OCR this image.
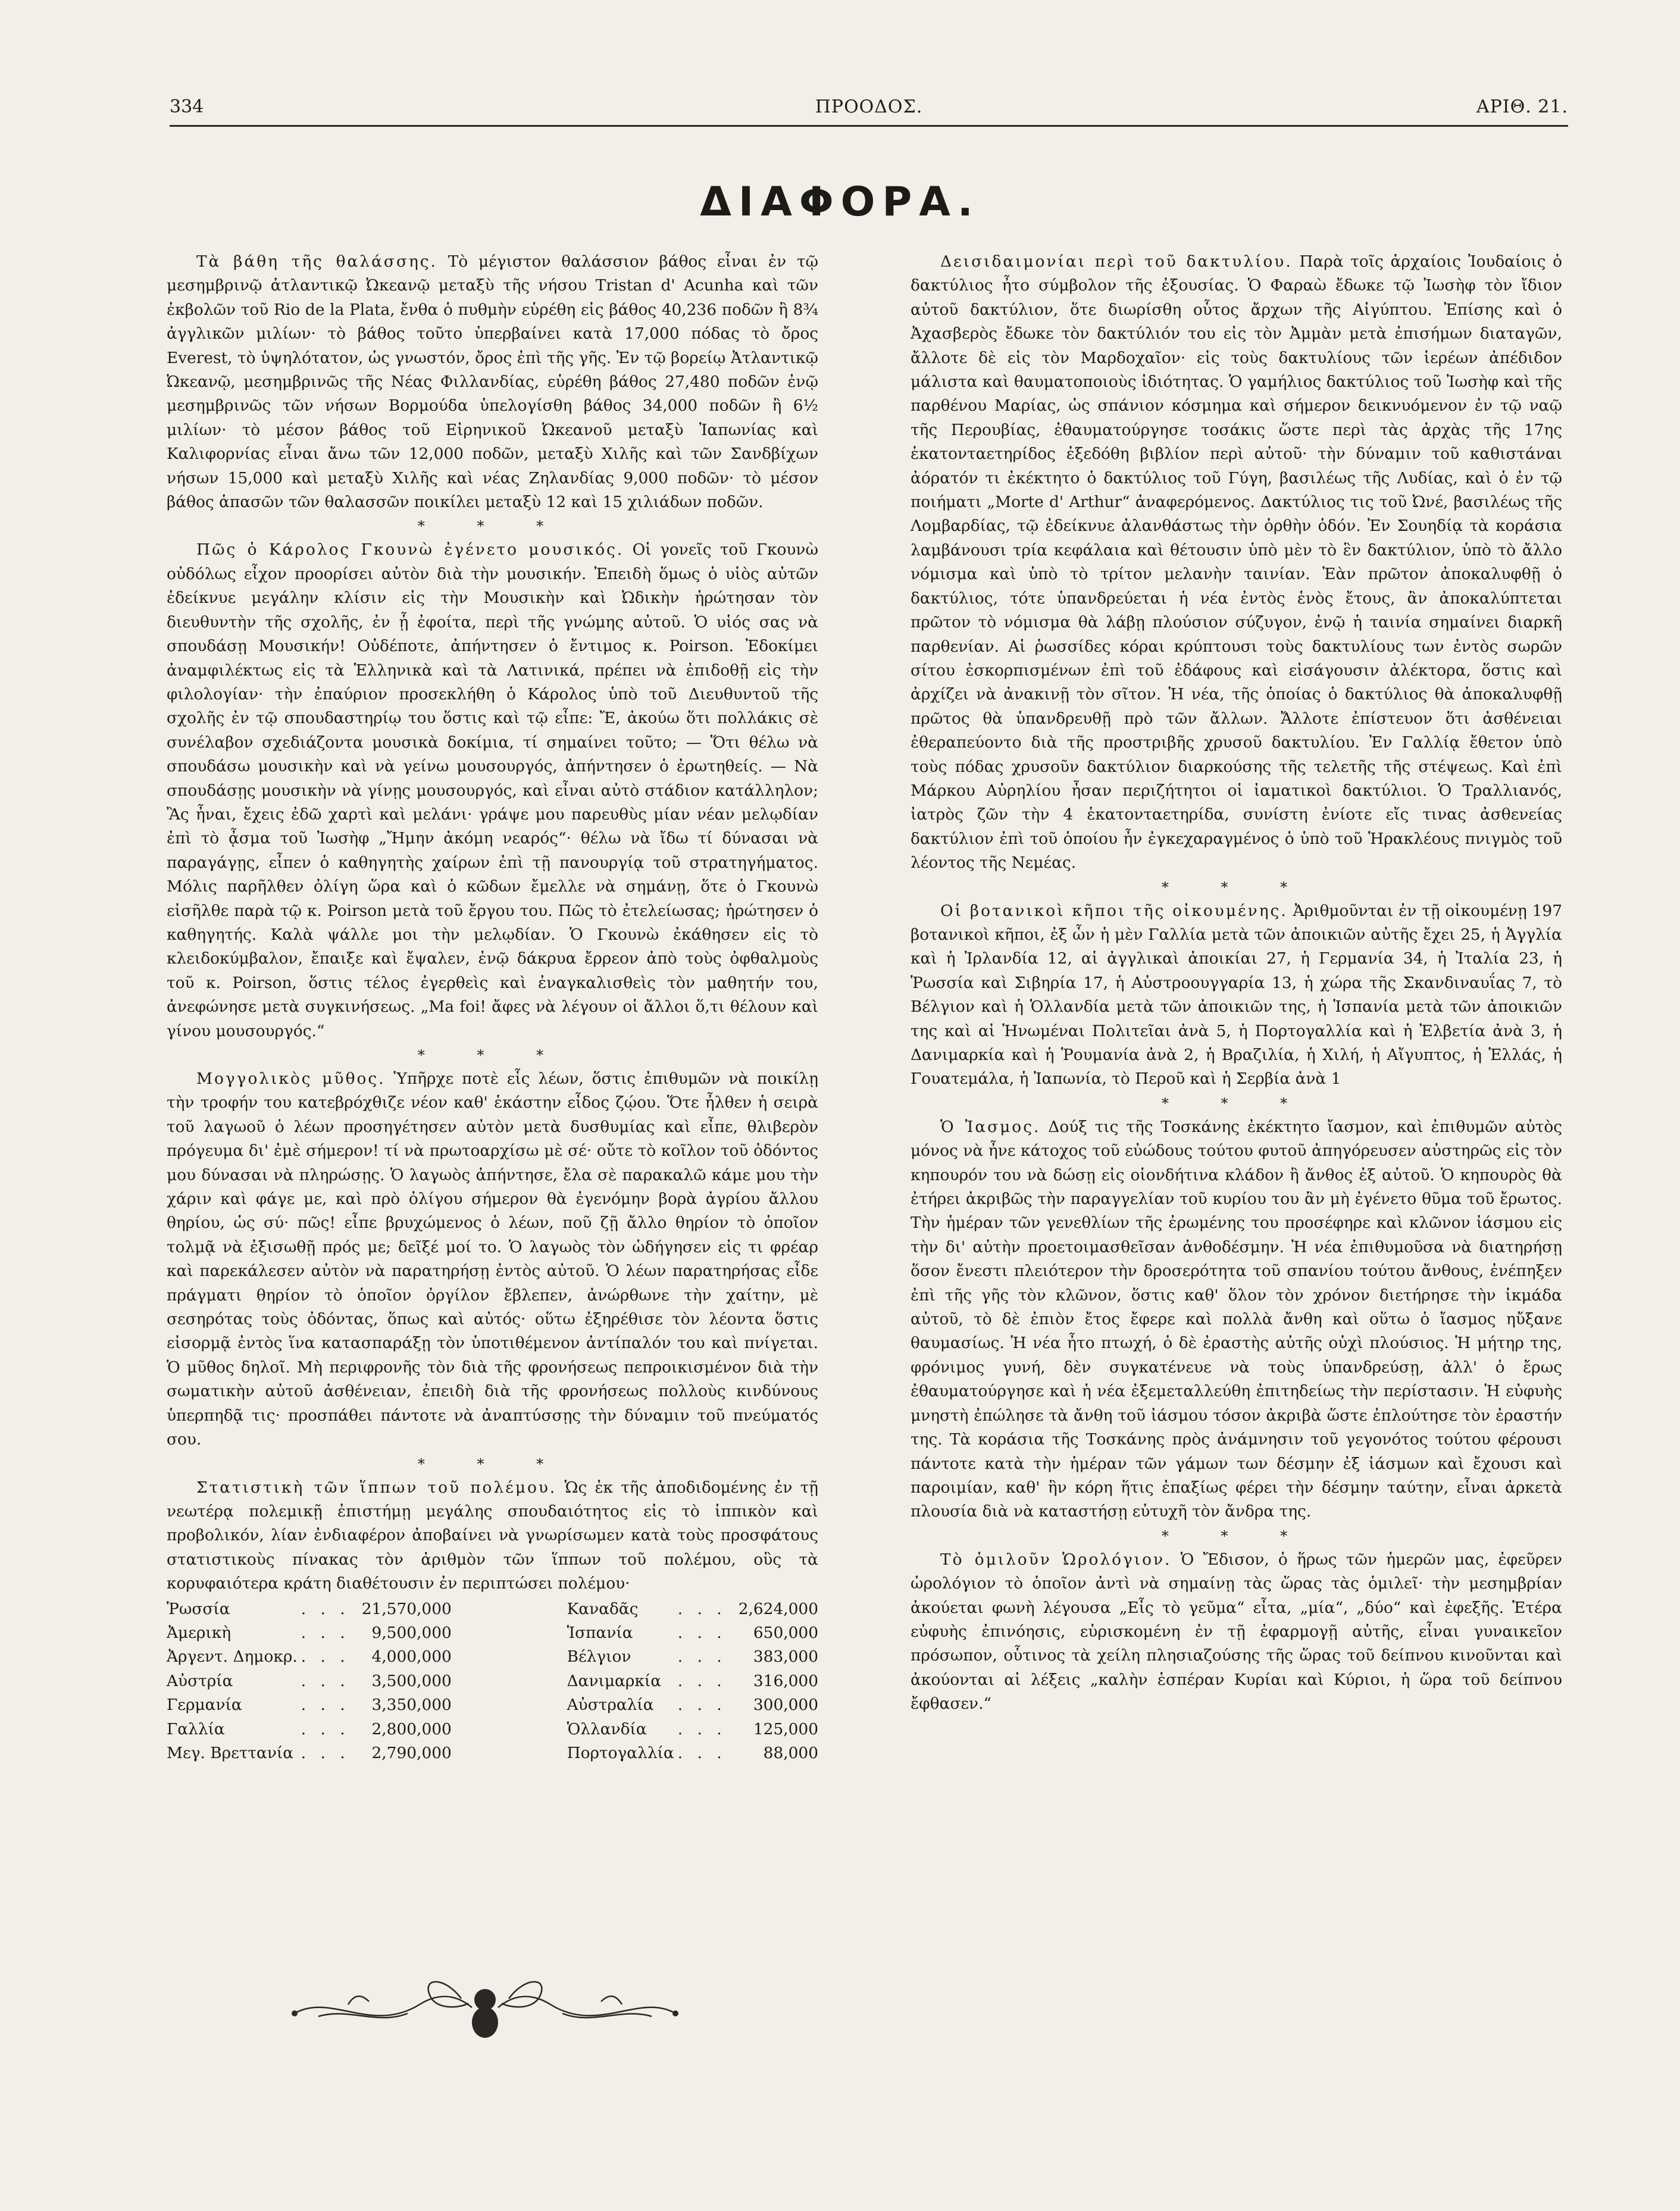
334	ΠΡΟΟΔΟΣ.	ΑΡΙΘ. 21.
ΔΙΑΦΟΡΑ.

Τὰ βάθη τῆς θαλάσσης. Τὸ μέγιστον θαλάσσιον βάθος εἶναι ἐν τῷ μεσημβρινῷ ἀτλαντικῷ Ὠκεανῷ μεταξὺ τῆς νήσου Tristan d' Acunha καὶ τῶν ἐκβολῶν τοῦ Rio de la Plata, ἔνθα ὁ πυθμὴν εὑρέθη εἰς βάθος 40,236 ποδῶν ἢ 8¾ ἀγγλικῶν μιλίων· τὸ βάθος τοῦτο ὑπερβαίνει κατὰ 17,000 πόδας τὸ ὄρος Everest, τὸ ὑψηλότατον, ὡς γνωστόν, ὄρος ἐπὶ τῆς γῆς. Ἐν τῷ βορείῳ Ἀτλαντικῷ Ὠκεανῷ, μεσημβρινῶς τῆς Νέας Φιλλανδίας, εὑρέθη βάθος 27,480 ποδῶν ἐνῷ μεσημβρινῶς τῶν νήσων Βορμούδα ὑπελογίσθη βάθος 34,000 ποδῶν ἢ 6½ μιλίων· τὸ μέσον βάθος τοῦ Εἰρηνικοῦ Ὠκεανοῦ μεταξὺ Ἰαπωνίας καὶ Καλιφορνίας εἶναι ἄνω τῶν 12,000 ποδῶν, μεταξὺ Χιλῆς καὶ τῶν Σανδβίχων νήσων 15,000 καὶ μεταξὺ Χιλῆς καὶ νέας Ζηλανδίας 9,000 ποδῶν· τὸ μέσον βάθος ἁπασῶν τῶν θαλασσῶν ποικίλει μεταξὺ 12 καὶ 15 χιλιάδων ποδῶν.

* * *

Πῶς ὁ Κάρολος Γκουνὼ ἐγένετο μουσικός. Οἱ γονεῖς τοῦ Γκουνὼ οὐδόλως εἶχον προορίσει αὐτὸν διὰ τὴν μουσικήν. Ἐπειδὴ ὅμως ὁ υἱὸς αὐτῶν ἐδείκνυε μεγάλην κλίσιν εἰς τὴν Μουσικὴν καὶ Ὠδικὴν ἠρώτησαν τὸν διευθυντὴν τῆς σχολῆς, ἐν ᾗ ἐφοίτα, περὶ τῆς γνώμης αὐτοῦ. Ὁ υἱός σας νὰ σπουδάσῃ Μουσικήν! Οὐδέποτε, ἀπήντησεν ὁ ἔντιμος κ. Poirson. Ἐδοκίμει ἀναμφιλέκτως εἰς τὰ Ἑλληνικὰ καὶ τὰ Λατινικά, πρέπει νὰ ἐπιδοθῇ εἰς τὴν φιλολογίαν· τὴν ἐπαύριον προσεκλήθη ὁ Κάρολος ὑπὸ τοῦ Διευθυντοῦ τῆς σχολῆς ἐν τῷ σπουδαστηρίῳ του ὅστις καὶ τῷ εἶπε: Ἔ, ἀκούω ὅτι πολλάκις σὲ συνέλαβον σχεδιάζοντα μουσικὰ δοκίμια, τί σημαίνει τοῦτο; — Ὅτι θέλω νὰ σπουδάσω μουσικὴν καὶ νὰ γείνω μουσουργός, ἀπήντησεν ὁ ἐρωτηθείς. — Νὰ σπουδάσῃς μουσικὴν νὰ γίνῃς μουσουργός, καὶ εἶναι αὐτὸ στάδιον κατάλληλον; Ἂς ἦναι, ἔχεις ἐδῶ χαρτὶ καὶ μελάνι· γράψε μου παρευθὺς μίαν νέαν μελῳδίαν ἐπὶ τὸ ᾆσμα τοῦ Ἰωσὴφ „Ἤμην ἀκόμη νεαρός“· θέλω νὰ ἴδω τί δύνασαι νὰ παραγάγῃς, εἶπεν ὁ καθηγητὴς χαίρων ἐπὶ τῇ πανουργίᾳ τοῦ στρατηγήματος. Μόλις παρῆλθεν ὀλίγη ὥρα καὶ ὁ κῶδων ἔμελλε νὰ σημάνῃ, ὅτε ὁ Γκουνὼ εἰσῆλθε παρὰ τῷ κ. Poirson μετὰ τοῦ ἔργου του. Πῶς τὸ ἐτελείωσας; ἠρώτησεν ὁ καθηγητής. Καλὰ ψάλλε μοι τὴν μελῳδίαν. Ὁ Γκουνὼ ἐκάθησεν εἰς τὸ κλειδοκύμβαλον, ἔπαιξε καὶ ἔψαλεν, ἐνῷ δάκρυα ἔρρεον ἀπὸ τοὺς ὀφθαλμοὺς τοῦ κ. Poirson, ὅστις τέλος ἐγερθεὶς καὶ ἐναγκαλισθεὶς τὸν μαθητήν του, ἀνεφώνησε μετὰ συγκινήσεως. „Ma foi! ἄφες νὰ λέγουν οἱ ἄλλοι ὅ,τι θέλουν καὶ γίνου μουσουργός.“

* * *

Μογγολικὸς μῦθος. Ὑπῆρχε ποτὲ εἷς λέων, ὅστις ἐπιθυμῶν νὰ ποικίλῃ τὴν τροφήν του κατεβρόχθιζε νέον καθ' ἑκάστην εἶδος ζῴου. Ὅτε ἦλθεν ἡ σειρὰ τοῦ λαγωοῦ ὁ λέων προσηγέτησεν αὐτὸν μετὰ δυσθυμίας καὶ εἶπε, θλιβερὸν πρόγευμα δι' ἐμὲ σήμερον! τί νὰ πρωτοαρχίσω μὲ σέ· οὔτε τὸ κοῖλον τοῦ ὀδόντος μου δύνασαι νὰ πληρώσῃς. Ὁ λαγωὸς ἀπήντησε, ἔλα σὲ παρακαλῶ κάμε μου τὴν χάριν καὶ φάγε με, καὶ πρὸ ὀλίγου σήμερον θὰ ἐγενόμην βορὰ ἀγρίου ἄλλου θηρίου, ὡς σύ· πῶς! εἶπε βρυχώμενος ὁ λέων, ποῦ ζῇ ἄλλο θηρίον τὸ ὁποῖον τολμᾷ νὰ ἐξισωθῇ πρός με; δεῖξέ μοί το. Ὁ λαγωὸς τὸν ὡδήγησεν εἰς τι φρέαρ καὶ παρεκάλεσεν αὐτὸν νὰ παρατηρήσῃ ἐντὸς αὐτοῦ. Ὁ λέων παρατηρήσας εἶδε πράγματι θηρίον τὸ ὁποῖον ὀργίλον ἔβλεπεν, ἀνώρθωνε τὴν χαίτην, μὲ σεσηρότας τοὺς ὀδόντας, ὅπως καὶ αὐτός· οὕτω ἐξηρέθισε τὸν λέοντα ὅστις εἰσορμᾷ ἐντὸς ἵνα κατασπαράξῃ τὸν ὑποτιθέμενον ἀντίπαλόν του καὶ πνίγεται. Ὁ μῦθος δηλοῖ. Μὴ περιφρονῆς τὸν διὰ τῆς φρονήσεως πεπροικισμένον διὰ τὴν σωματικὴν αὐτοῦ ἀσθένειαν, ἐπειδὴ διὰ τῆς φρονήσεως πολλοὺς κινδύνους ὑπερπηδᾷ τις· προσπάθει πάντοτε νὰ ἀναπτύσσῃς τὴν δύναμιν τοῦ πνεύματός σου.

* * *

Στατιστικὴ τῶν ἵππων τοῦ πολέμου. Ὡς ἐκ τῆς ἀποδιδομένης ἐν τῇ νεωτέρᾳ πολεμικῇ ἐπιστήμῃ μεγάλης σπουδαιότητος εἰς τὸ ἱππικὸν καὶ προβολικόν, λίαν ἐνδιαφέρον ἀποβαίνει νὰ γνωρίσωμεν κατὰ τοὺς προσφάτους στατιστικοὺς πίνακας τὸν ἀριθμὸν τῶν ἵππων τοῦ πολέμου, οὓς τὰ κορυφαιότερα κράτη διαθέτουσιν ἐν περιπτώσει πολέμου·

Ῥωσσία	. . .	21,570,000
Ἀμερικὴ	. . .	9,500,000
Ἀργεντ. Δημοκρ.	. . .	4,000,000
Αὐστρία	. . .	3,500,000
Γερμανία	. . .	3,350,000
Γαλλία	. . .	2,800,000
Μεγ. Βρεττανία	. . .	2,790,000
Καναδᾶς	. . .	2,624,000
Ἱσπανία	. . .	650,000
Βέλγιον	. . .	383,000
Δανιμαρκία	. . .	316,000
Αὐστραλία	. . .	300,000
Ὁλλανδία	. . .	125,000
Πορτογαλλία	. . .	88,000

Δεισιδαιμονίαι περὶ τοῦ δακτυλίου. Παρὰ τοῖς ἀρχαίοις Ἰουδαίοις ὁ δακτύλιος ἦτο σύμβολον τῆς ἐξουσίας. Ὁ Φαραὼ ἔδωκε τῷ Ἰωσὴφ τὸν ἴδιον αὐτοῦ δακτύλιον, ὅτε διωρίσθη οὗτος ἄρχων τῆς Αἰγύπτου. Ἐπίσης καὶ ὁ Ἀχασβερὸς ἔδωκε τὸν δακτύλιόν του εἰς τὸν Ἀμμὰν μετὰ ἐπισήμων διαταγῶν, ἄλλοτε δὲ εἰς τὸν Μαρδοχαῖον· εἰς τοὺς δακτυλίους τῶν ἱερέων ἀπέδιδον μάλιστα καὶ θαυματοποιοὺς ἰδιότητας. Ὁ γαμήλιος δακτύλιος τοῦ Ἰωσὴφ καὶ τῆς παρθένου Μαρίας, ὡς σπάνιον κόσμημα καὶ σήμερον δεικνυόμενον ἐν τῷ ναῷ τῆς Περουβίας, ἐθαυματούργησε τοσάκις ὥστε περὶ τὰς ἀρχὰς τῆς 17ης ἑκατονταετηρίδος ἐξεδόθη βιβλίον περὶ αὐτοῦ· τὴν δύναμιν τοῦ καθιστάναι ἀόρατόν τι ἐκέκτητο ὁ δακτύλιος τοῦ Γύγη, βασιλέως τῆς Λυδίας, καὶ ὁ ἐν τῷ ποιήματι „Morte d' Arthur“ ἀναφερόμενος. Δακτύλιος τις τοῦ Ὠνέ, βασιλέως τῆς Λομβαρδίας, τῷ ἐδείκνυε ἀλανθάστως τὴν ὀρθὴν ὁδόν. Ἐν Σουηδίᾳ τὰ κοράσια λαμβάνουσι τρία κεφάλαια καὶ θέτουσιν ὑπὸ μὲν τὸ ἓν δακτύλιον, ὑπὸ τὸ ἄλλο νόμισμα καὶ ὑπὸ τὸ τρίτον μελανὴν ταινίαν. Ἐὰν πρῶτον ἀποκαλυφθῇ ὁ δακτύλιος, τότε ὑπανδρεύεται ἡ νέα ἐντὸς ἑνὸς ἔτους, ἂν ἀποκαλύπτεται πρῶτον τὸ νόμισμα θὰ λάβῃ πλούσιον σύζυγον, ἐνῷ ἡ ταινία σημαίνει διαρκῆ παρθενίαν. Αἱ ῥωσσίδες κόραι κρύπτουσι τοὺς δακτυλίους των ἐντὸς σωρῶν σίτου ἐσκορπισμένων ἐπὶ τοῦ ἐδάφους καὶ εἰσάγουσιν ἀλέκτορα, ὅστις καὶ ἀρχίζει νὰ ἀνακινῇ τὸν σῖτον. Ἡ νέα, τῆς ὁποίας ὁ δακτύλιος θὰ ἀποκαλυφθῇ πρῶτος θὰ ὑπανδρευθῇ πρὸ τῶν ἄλλων. Ἄλλοτε ἐπίστευον ὅτι ἀσθένειαι ἐθεραπεύοντο διὰ τῆς προστριβῆς χρυσοῦ δακτυλίου. Ἐν Γαλλίᾳ ἔθετον ὑπὸ τοὺς πόδας χρυσοῦν δακτύλιον διαρκούσης τῆς τελετῆς τῆς στέψεως. Καὶ ἐπὶ Μάρκου Αὐρηλίου ἦσαν περιζήτητοι οἱ ἰαματικοὶ δακτύλιοι. Ὁ Τραλλιανός, ἰατρὸς ζῶν τὴν 4 ἑκατονταετηρίδα, συνίστη ἐνίοτε εἴς τινας ἀσθενείας δακτύλιον ἐπὶ τοῦ ὁποίου ἦν ἐγκεχαραγμένος ὁ ὑπὸ τοῦ Ἡρακλέους πνιγμὸς τοῦ λέοντος τῆς Νεμέας.

* * *

Οἱ βοτανικοὶ κῆποι τῆς οἰκουμένης. Ἀριθμοῦνται ἐν τῇ οἰκουμένῃ 197 βοτανικοὶ κῆποι, ἐξ ὧν ἡ μὲν Γαλλία μετὰ τῶν ἀποικιῶν αὐτῆς ἔχει 25, ἡ Ἀγγλία καὶ ἡ Ἰρλανδία 12, αἱ ἀγγλικαὶ ἀποικίαι 27, ἡ Γερμανία 34, ἡ Ἰταλία 23, ἡ Ῥωσσία καὶ Σιβηρία 17, ἡ Αὐστροουγγαρία 13, ἡ χώρα τῆς Σκανδιναυΐας 7, τὸ Βέλγιον καὶ ἡ Ὁλλανδία μετὰ τῶν ἀποικιῶν της, ἡ Ἱσπανία μετὰ τῶν ἀποικιῶν της καὶ αἱ Ἡνωμέναι Πολιτεῖαι ἀνὰ 5, ἡ Πορτογαλλία καὶ ἡ Ἑλβετία ἀνὰ 3, ἡ Δανιμαρκία καὶ ἡ Ῥουμανία ἀνὰ 2, ἡ Βραζιλία, ἡ Χιλή, ἡ Αἴγυπτος, ἡ Ἑλλάς, ἡ Γουατεμάλα, ἡ Ἰαπωνία, τὸ Περοῦ καὶ ἡ Σερβία ἀνὰ 1

* * *

Ὁ Ἰασμος. Δούξ τις τῆς Τοσκάνης ἐκέκτητο ἴασμον, καὶ ἐπιθυμῶν αὐτὸς μόνος νὰ ἦνε κάτοχος τοῦ εὐώδους τούτου φυτοῦ ἀπηγόρευσεν αὐστηρῶς εἰς τὸν κηπουρόν του νὰ δώσῃ εἰς οἱονδήτινα κλάδον ἢ ἄνθος ἐξ αὐτοῦ. Ὁ κηπουρὸς θὰ ἐτήρει ἀκριβῶς τὴν παραγγελίαν τοῦ κυρίου του ἂν μὴ ἐγένετο θῦμα τοῦ ἔρωτος. Τὴν ἡμέραν τῶν γενεθλίων τῆς ἐρωμένης του προσέφηρε καὶ κλῶνον ἰάσμου εἰς τὴν δι' αὐτὴν προετοιμασθεῖσαν ἀνθοδέσμην. Ἡ νέα ἐπιθυμοῦσα νὰ διατηρήσῃ ὅσον ἔνεστι πλειότερον τὴν δροσερότητα τοῦ σπανίου τούτου ἄνθους, ἐνέπηξεν ἐπὶ τῆς γῆς τὸν κλῶνον, ὅστις καθ' ὅλον τὸν χρόνον διετήρησε τὴν ἰκμάδα αὐτοῦ, τὸ δὲ ἐπιὸν ἔτος ἔφερε καὶ πολλὰ ἄνθη καὶ οὕτω ὁ ἴασμος ηὔξανε θαυμασίως. Ἡ νέα ἦτο πτωχή, ὁ δὲ ἐραστὴς αὐτῆς οὐχὶ πλούσιος. Ἡ μήτηρ της, φρόνιμος γυνή, δὲν συγκατένευε νὰ τοὺς ὑπανδρεύσῃ, ἀλλ' ὁ ἔρως ἐθαυματούργησε καὶ ἡ νέα ἐξεμεταλλεύθη ἐπιτηδείως τὴν περίστασιν. Ἡ εὐφυὴς μνηστὴ ἐπώλησε τὰ ἄνθη τοῦ ἰάσμου τόσον ἀκριβὰ ὥστε ἐπλούτησε τὸν ἐραστήν της. Τὰ κοράσια τῆς Τοσκάνης πρὸς ἀνάμνησιν τοῦ γεγονότος τούτου φέρουσι πάντοτε κατὰ τὴν ἡμέραν τῶν γάμων των δέσμην ἐξ ἰάσμων καὶ ἔχουσι καὶ παροιμίαν, καθ' ἣν κόρη ἥτις ἐπαξίως φέρει τὴν δέσμην ταύτην, εἶναι ἀρκετὰ πλουσία διὰ νὰ καταστήσῃ εὐτυχῆ τὸν ἄνδρα της.

* * *

Τὸ ὁμιλοῦν Ὡρολόγιον. Ὁ Ἔδισον, ὁ ἥρως τῶν ἡμερῶν μας, ἐφεῦρεν ὡρολόγιον τὸ ὁποῖον ἀντὶ νὰ σημαίνῃ τὰς ὥρας τὰς ὁμιλεῖ· τὴν μεσημβρίαν ἀκούεται φωνὴ λέγουσα „Εἶς τὸ γεῦμα“ εἶτα, „μία“, „δύο“ καὶ ἐφεξῆς. Ἑτέρα εὐφυὴς ἐπινόησις, εὑρισκομένη ἐν τῇ ἐφαρμογῇ αὐτῆς, εἶναι γυναικεῖον πρόσωπον, οὗτινος τὰ χείλη πλησιαζούσης τῆς ὥρας τοῦ δείπνου κινοῦνται καὶ ἀκούονται αἱ λέξεις „καλὴν ἑσπέραν Κυρίαι καὶ Κύριοι, ἡ ὥρα τοῦ δείπνου ἔφθασεν.“
